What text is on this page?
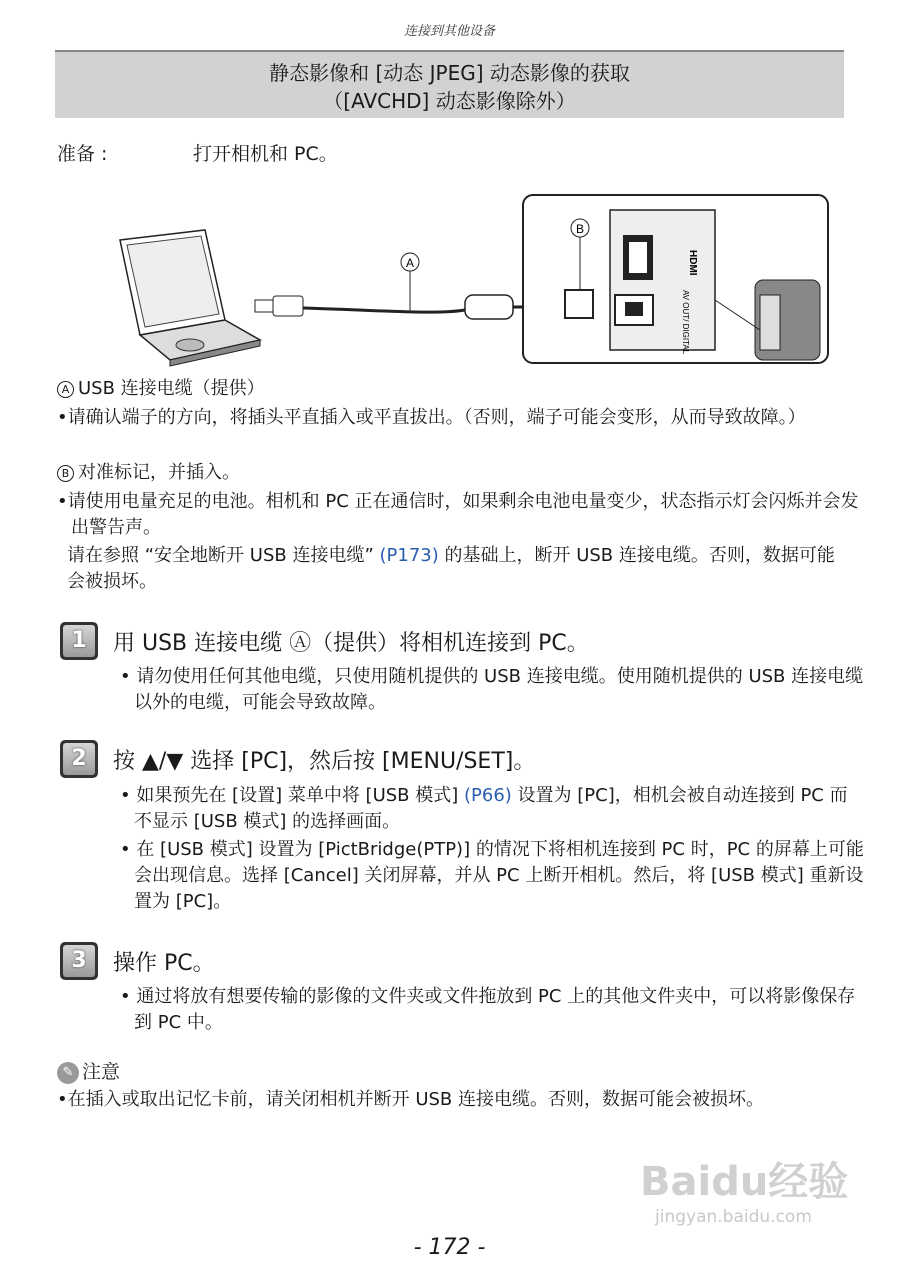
连接到其他设备
静态影像和 [动态 JPEG] 动态影像的获取
（[AVCHD] 动态影像除外）
准备 :	打开相机和 PC。
A
B
HDMI
AV OUT/ DIGITAL
A USB 连接电缆（提供）
•请确认端子的方向，将插头平直插入或平直拔出。（否则，端子可能会变形，从而导致故障。）
B 对准标记，并插入。
•请使用电量充足的电池。相机和 PC 正在通信时，如果剩余电池电量变少，状态指示灯会闪烁并会发出警告声。
请在参照 “安全地断开 USB 连接电缆” (P173) 的基础上，断开 USB 连接电缆。否则，数据可能会被损坏。
1	用 USB 连接电缆 Ⓐ（提供）将相机连接到 PC。
• 请勿使用任何其他电缆，只使用随机提供的 USB 连接电缆。使用随机提供的 USB 连接电缆以外的电缆，可能会导致故障。
2	按 ▲/▼ 选择 [PC]，然后按 [MENU/SET]。
• 如果预先在 [设置] 菜单中将 [USB 模式] (P66) 设置为 [PC]，相机会被自动连接到 PC 而不显示 [USB 模式] 的选择画面。
• 在 [USB 模式] 设置为 [PictBridge(PTP)] 的情况下将相机连接到 PC 时，PC 的屏幕上可能会出现信息。选择 [Cancel] 关闭屏幕，并从 PC 上断开相机。然后，将 [USB 模式] 重新设置为 [PC]。
3	操作 PC。
• 通过将放有想要传输的影像的文件夹或文件拖放到 PC 上的其他文件夹中，可以将影像保存到 PC 中。
✎ 注意
•在插入或取出记忆卡前，请关闭相机并断开 USB 连接电缆。否则，数据可能会被损坏。
Baidu经验
jingyan.baidu.com
- 172 -
